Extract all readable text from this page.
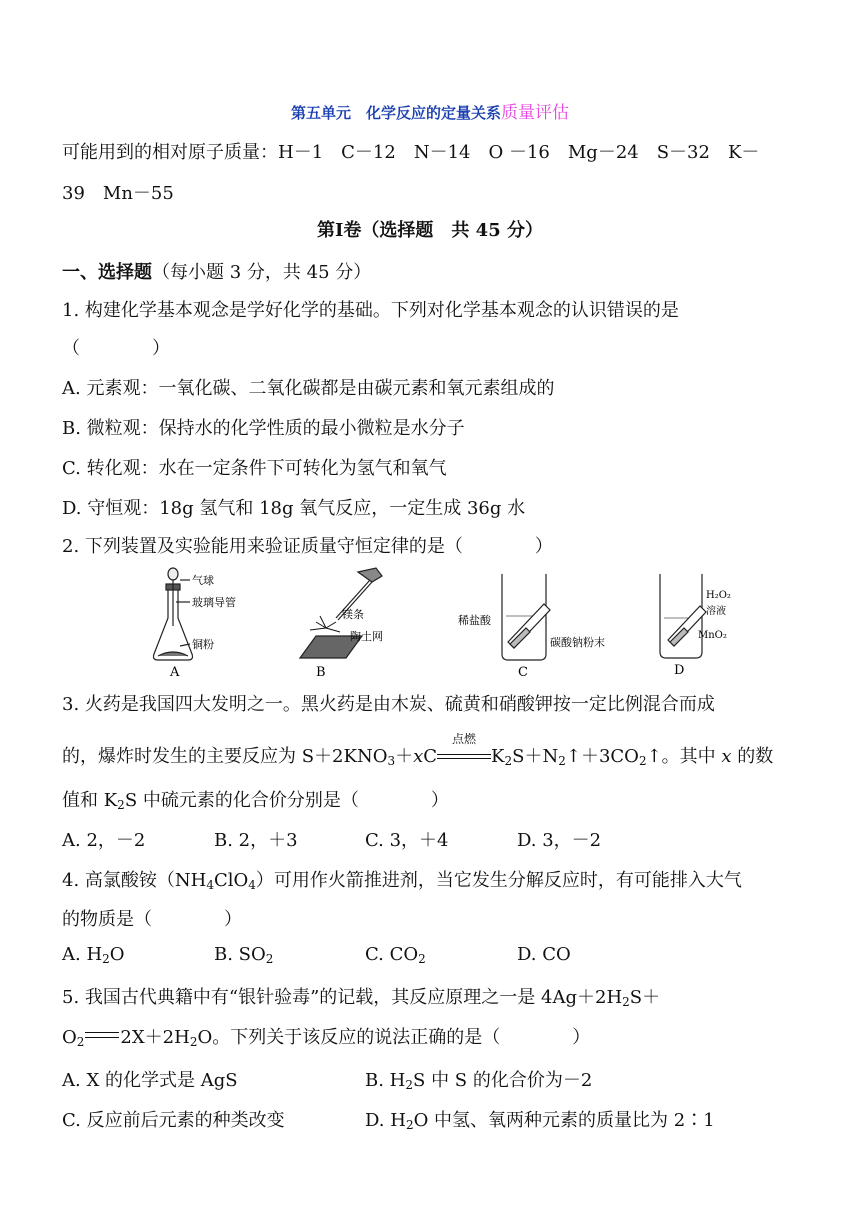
第五单元　化学反应的定量关系质量评估
可能用到的相对原子质量：H－1　C－12　N－14　O －16　Mg－24　S－32　K－
39　Mn－55
第Ⅰ卷（选择题　共 45 分）
一、选择题（每小题 3 分，共 45 分）
1. 构建化学基本观念是学好化学的基础。下列对化学基本观念的认识错误的是
（　　　　）
A. 元素观：一氧化碳、二氧化碳都是由碳元素和氧元素组成的
B. 微粒观：保持水的化学性质的最小微粒是水分子
C. 转化观：水在一定条件下可转化为氢气和氧气
D. 守恒观：18g 氢气和 18g 氧气反应，一定生成 36g 水
2. 下列装置及实验能用来验证质量守恒定律的是（　　　　）
气球
玻璃导管
铜粉
A
镁条
陶土网
B
稀盐酸
碳酸钠粉末
C
H₂O₂
溶液
MnO₂
D
3. 火药是我国四大发明之一。黑火药是由木炭、硫黄和硝酸钾按一定比例混合而成
的，爆炸时发生的主要反应为 $S+2KNO_3+xC$
点燃
$K_2S+N_2↑+3CO_2↑$。其中 x 的数
值和 $K_2S$ 中硫元素的化合价分别是（　　　　）
A. 2，－2	B. 2，＋3	C. 3，＋4	D. 3，－2
4. 高氯酸铵$(NH_4ClO_4)$可用作火箭推进剂，当它发生分解反应时，有可能排入大气
的物质是（　　　　）
A. $H_2O$	B. $SO_2$	C. $CO_2$	D. CO
5. 我国古代典籍中有“银针验毒”的记载，其反应原理之一是 $4Ag+2H_2S+$
$O_2$ $2X+2H_2O$。下列关于该反应的说法正确的是（　　　　）
A. X 的化学式是 AgS	B. $H_2S$ 中 S 的化合价为－2
C. 反应前后元素的种类改变	D. $H_2O$ 中氢、氧两种元素的质量比为 2∶1
